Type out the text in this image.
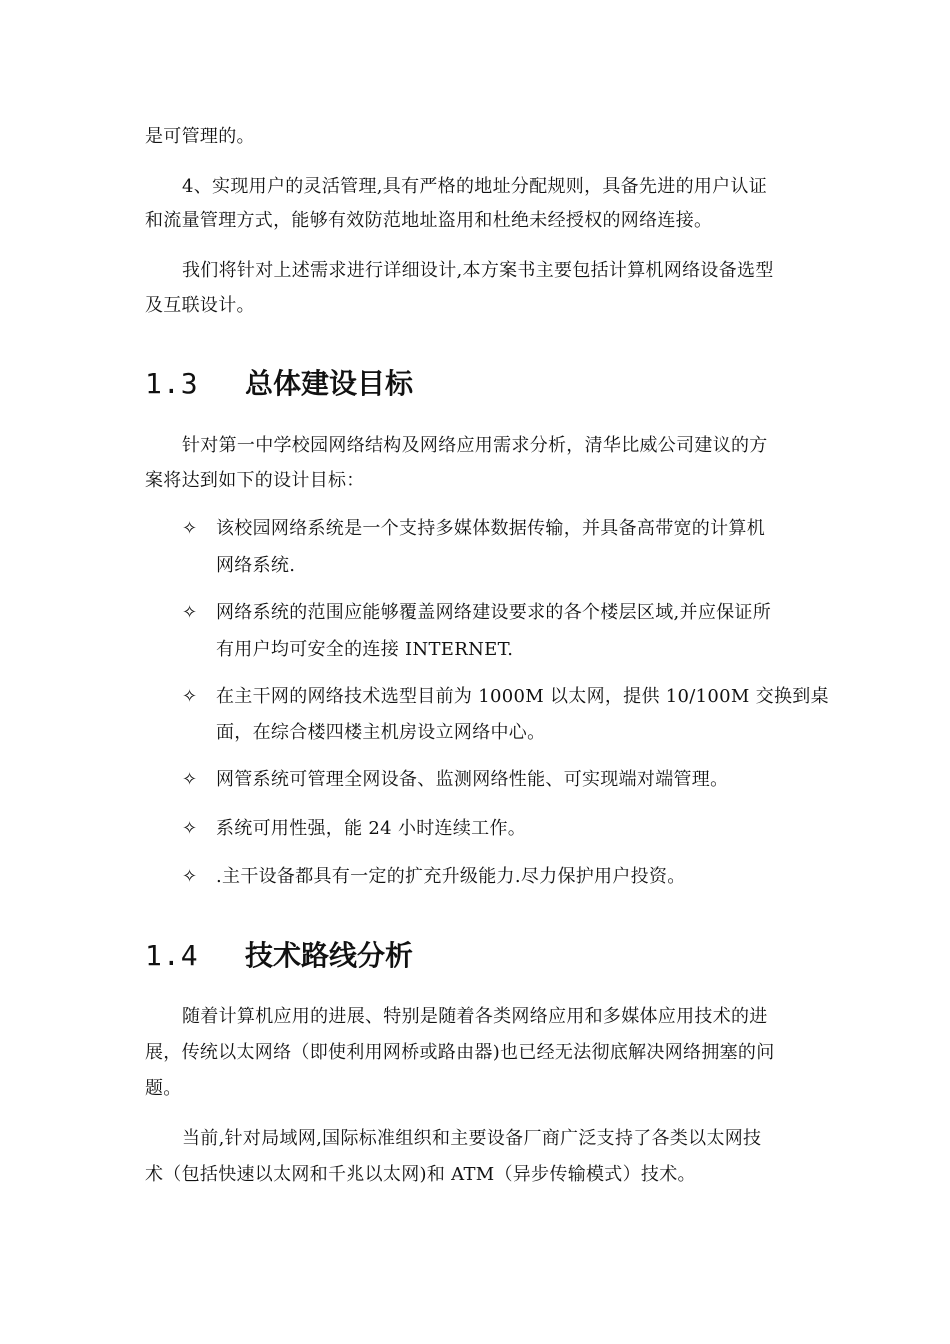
是可管理的。
4、实现用户的灵活管理,具有严格的地址分配规则，具备先进的用户认证
和流量管理方式，能够有效防范地址盗用和杜绝未经授权的网络连接。
我们将针对上述需求进行详细设计,本方案书主要包括计算机网络设备选型
及互联设计。
1.3 总体建设目标
针对第一中学校园网络结构及网络应用需求分析，清华比威公司建议的方
案将达到如下的设计目标：
✧ 该校园网络系统是一个支持多媒体数据传输，并具备高带宽的计算机
网络系统.
✧ 网络系统的范围应能够覆盖网络建设要求的各个楼层区域,并应保证所
有用户均可安全的连接 INTERNET.
✧ 在主干网的网络技术选型目前为 1000M 以太网，提供 10/100M 交换到桌
面，在综合楼四楼主机房设立网络中心。
✧ 网管系统可管理全网设备、监测网络性能、可实现端对端管理。
✧ 系统可用性强，能 24 小时连续工作。
✧ .主干设备都具有一定的扩充升级能力.尽力保护用户投资。
1.4 技术路线分析
随着计算机应用的进展、特别是随着各类网络应用和多媒体应用技术的进
展，传统以太网络（即使利用网桥或路由器)也已经无法彻底解决网络拥塞的问
题。
当前,针对局域网,国际标准组织和主要设备厂商广泛支持了各类以太网技
术（包括快速以太网和千兆以太网)和 ATM（异步传输模式）技术。
